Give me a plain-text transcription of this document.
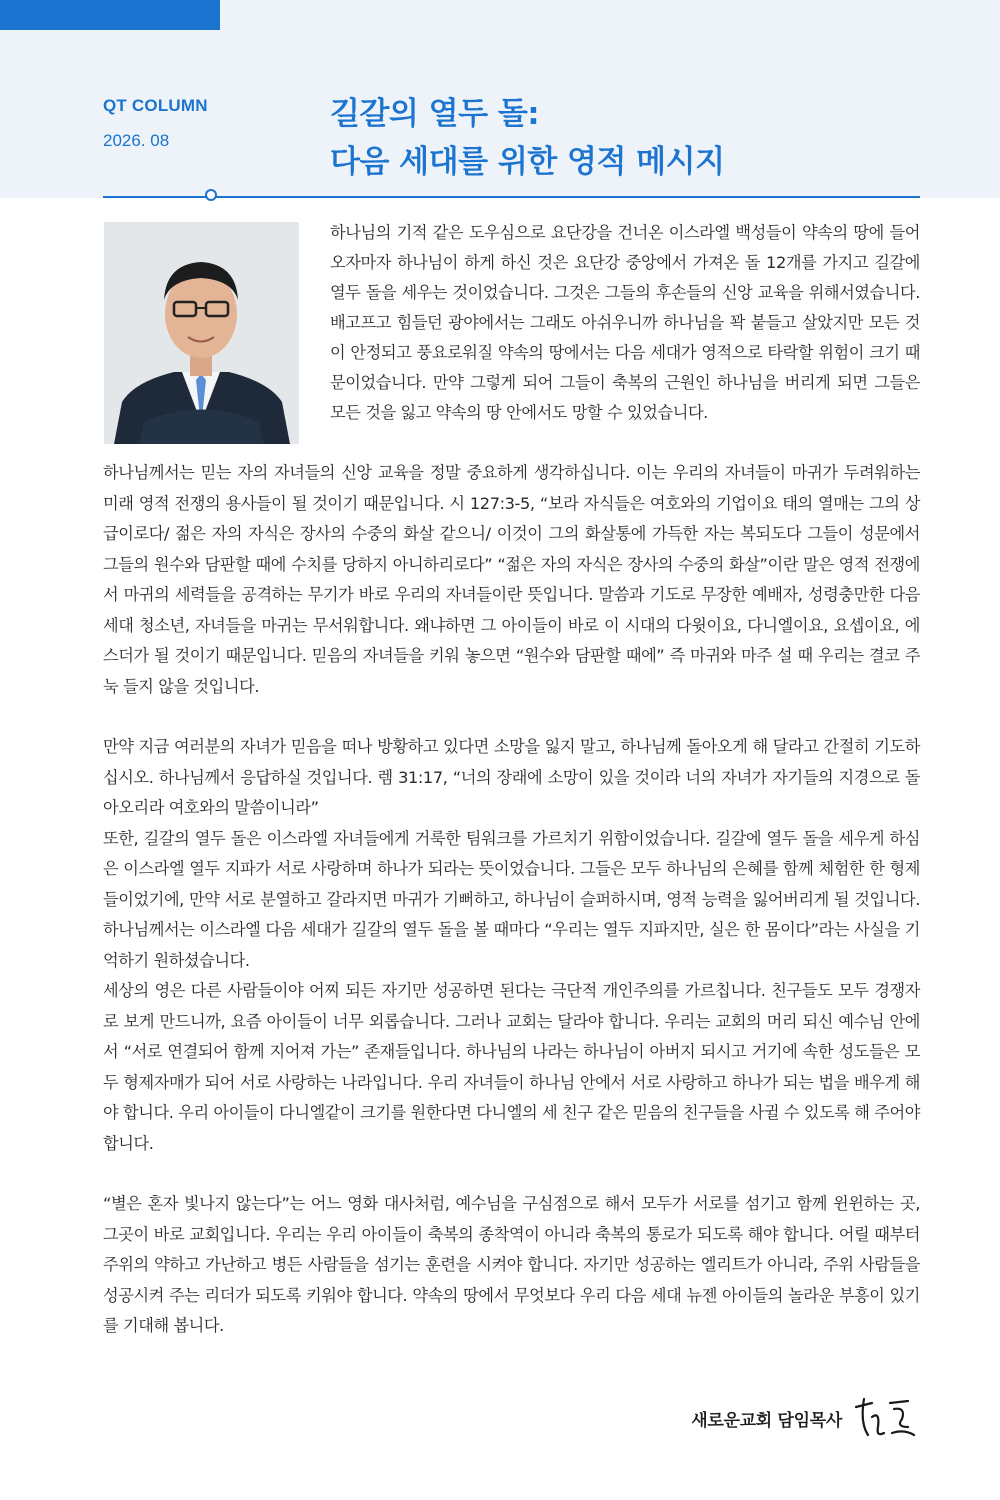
QT COLUMN
2026. 08
길갈의 열두 돌:
다음 세대를 위한 영적 메시지

하나님의 기적 같은 도우심으로 요단강을 건너온 이스라엘 백성들이 약속의 땅에 들어오자마자 하나님이 하게 하신 것은 요단강 중앙에서 가져온 돌 12개를 가지고 길갈에 열두 돌을 세우는 것이었습니다. 그것은 그들의 후손들의 신앙 교육을 위해서였습니다. 배고프고 힘들던 광야에서는 그래도 아쉬우니까 하나님을 꽉 붙들고 살았지만 모든 것이 안정되고 풍요로워질 약속의 땅에서는 다음 세대가 영적으로 타락할 위험이 크기 때문이었습니다. 만약 그렇게 되어 그들이 축복의 근원인 하나님을 버리게 되면 그들은 모든 것을 잃고 약속의 땅 안에서도 망할 수 있었습니다.

하나님께서는 믿는 자의 자녀들의 신앙 교육을 정말 중요하게 생각하십니다. 이는 우리의 자녀들이 마귀가 두려워하는 미래 영적 전쟁의 용사들이 될 것이기 때문입니다. 시 127:3-5, “보라 자식들은 여호와의 기업이요 태의 열매는 그의 상급이로다/ 젊은 자의 자식은 장사의 수중의 화살 같으니/ 이것이 그의 화살통에 가득한 자는 복되도다 그들이 성문에서 그들의 원수와 담판할 때에 수치를 당하지 아니하리로다” “젊은 자의 자식은 장사의 수중의 화살”이란 말은 영적 전쟁에서 마귀의 세력들을 공격하는 무기가 바로 우리의 자녀들이란 뜻입니다. 말씀과 기도로 무장한 예배자, 성령충만한 다음 세대 청소년, 자녀들을 마귀는 무서워합니다. 왜냐하면 그 아이들이 바로 이 시대의 다윗이요, 다니엘이요, 요셉이요, 에스더가 될 것이기 때문입니다. 믿음의 자녀들을 키워 놓으면 “원수와 담판할 때에” 즉 마귀와 마주 설 때 우리는 결코 주눅 들지 않을 것입니다.

만약 지금 여러분의 자녀가 믿음을 떠나 방황하고 있다면 소망을 잃지 말고, 하나님께 돌아오게 해 달라고 간절히 기도하십시오. 하나님께서 응답하실 것입니다. 렘 31:17, “너의 장래에 소망이 있을 것이라 너의 자녀가 자기들의 지경으로 돌아오리라 여호와의 말씀이니라”

또한, 길갈의 열두 돌은 이스라엘 자녀들에게 거룩한 팀워크를 가르치기 위함이었습니다. 길갈에 열두 돌을 세우게 하심은 이스라엘 열두 지파가 서로 사랑하며 하나가 되라는 뜻이었습니다. 그들은 모두 하나님의 은혜를 함께 체험한 한 형제들이었기에, 만약 서로 분열하고 갈라지면 마귀가 기뻐하고, 하나님이 슬퍼하시며, 영적 능력을 잃어버리게 될 것입니다. 하나님께서는 이스라엘 다음 세대가 길갈의 열두 돌을 볼 때마다 “우리는 열두 지파지만, 실은 한 몸이다”라는 사실을 기억하기 원하셨습니다.

세상의 영은 다른 사람들이야 어찌 되든 자기만 성공하면 된다는 극단적 개인주의를 가르칩니다. 친구들도 모두 경쟁자로 보게 만드니까, 요즘 아이들이 너무 외롭습니다. 그러나 교회는 달라야 합니다. 우리는 교회의 머리 되신 예수님 안에서 “서로 연결되어 함께 지어져 가는” 존재들입니다. 하나님의 나라는 하나님이 아버지 되시고 거기에 속한 성도들은 모두 형제자매가 되어 서로 사랑하는 나라입니다. 우리 자녀들이 하나님 안에서 서로 사랑하고 하나가 되는 법을 배우게 해야 합니다. 우리 아이들이 다니엘같이 크기를 원한다면 다니엘의 세 친구 같은 믿음의 친구들을 사귈 수 있도록 해 주어야 합니다.

“별은 혼자 빛나지 않는다”는 어느 영화 대사처럼, 예수님을 구심점으로 해서 모두가 서로를 섬기고 함께 윈윈하는 곳, 그곳이 바로 교회입니다. 우리는 우리 아이들이 축복의 종착역이 아니라 축복의 통로가 되도록 해야 합니다. 어릴 때부터 주위의 약하고 가난하고 병든 사람들을 섬기는 훈련을 시켜야 합니다. 자기만 성공하는 엘리트가 아니라, 주위 사람들을 성공시켜 주는 리더가 되도록 키워야 합니다. 약속의 땅에서 무엇보다 우리 다음 세대 뉴젠 아이들의 놀라운 부흥이 있기를 기대해 봅니다.

새로운교회 담임목사
